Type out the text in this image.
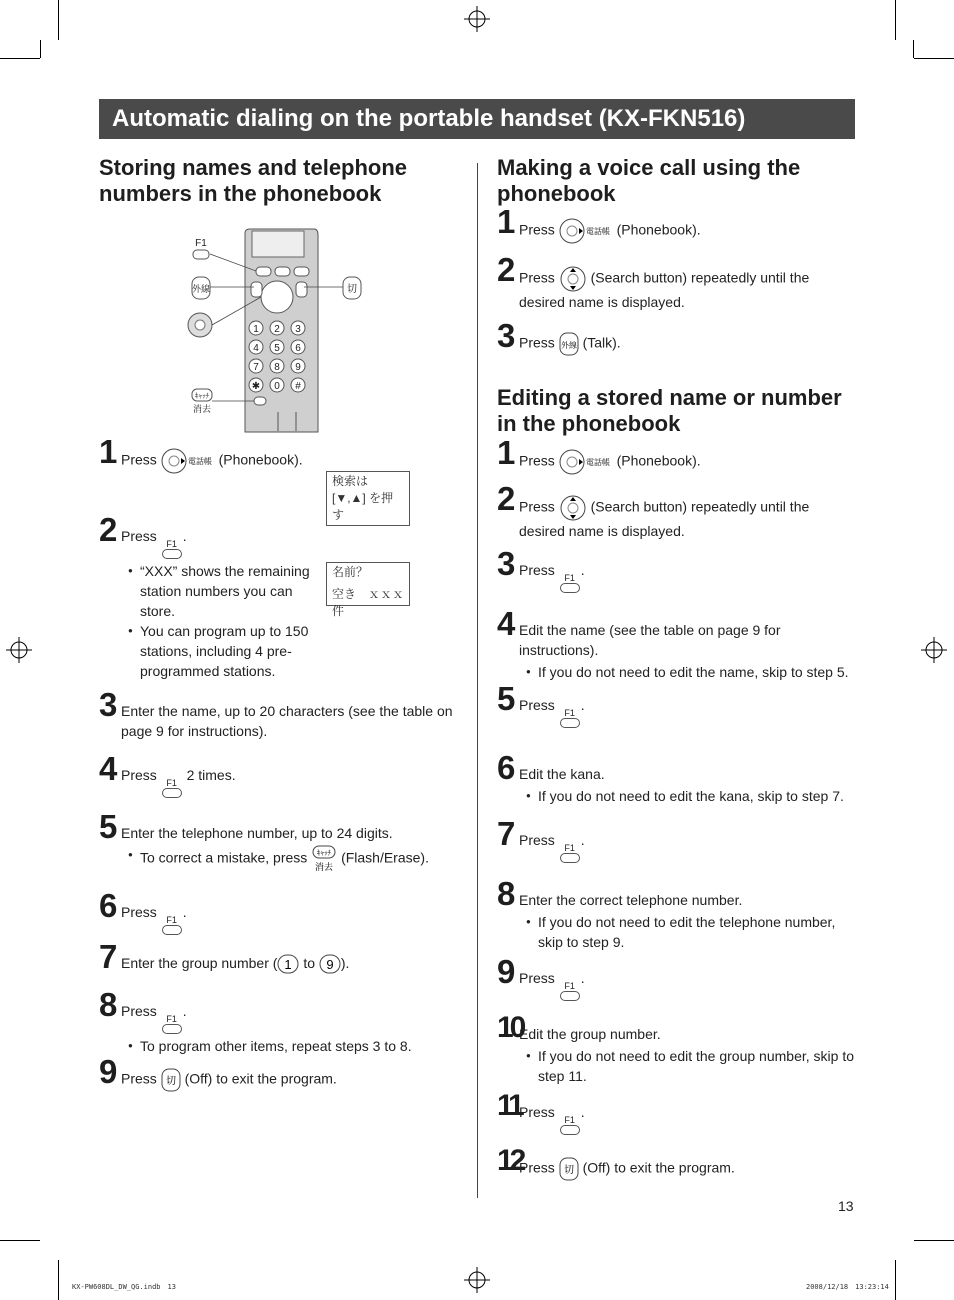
Automatic dialing on the portable handset (KX-FKN516)
Storing names and telephone numbers in the phonebook
1 2 3
4 5 6
7 8 9
✱ 0 #
F1
外線	切
ｷｬｯﾁ
消去
検索は
[▼,▲] を押す
名前？
空き　ｘｘｘ件
1 Press	電話帳 (Phonebook).
2 Press F1 .
● “XXX” shows the remaining station numbers you can store.
● You can program up to 150 stations, including 4 pre-programmed stations.
3 Enter the name, up to 20 characters (see the table on page 9 for instructions).
4 Press F1 2 times.
5 Enter the telephone number, up to 24 digits.
● To correct a mistake, press ｷｬｯﾁ
消去
(Flash/Erase).
6 Press F1 .
7 Enter the group number ( 1 to 9 ).
8 Press F1 .
● To program other items, repeat steps 3 to 8.
9 Press 切 (Off) to exit the program.
Making a voice call using the phonebook
1 Press	電話帳 (Phonebook).
2 Press	(Search button) repeatedly until the desired name is displayed.
3 Press 外線 (Talk).
Editing a stored name or number in the phonebook
1 Press	電話帳 (Phonebook).
2 Press	(Search button) repeatedly until the desired name is displayed.
3 Press F1 .
4 Edit the name (see the table on page 9 for instructions).
● If you do not need to edit the name, skip to step 5.
5 Press F1 .
6 Edit the kana.
● If you do not need to edit the kana, skip to step 7.
7 Press F1 .
8 Enter the correct telephone number.
● If you do not need to edit the telephone number, skip to step 9.
9 Press F1 .
10
Edit the group number.
● If you do not need to edit the group number, skip to step 11.
11
Press F1 .
12
Press 切 (Off) to exit the program.
13
KX-PW608DL_DW_QG.indb　13	2008/12/18　13:23:14
